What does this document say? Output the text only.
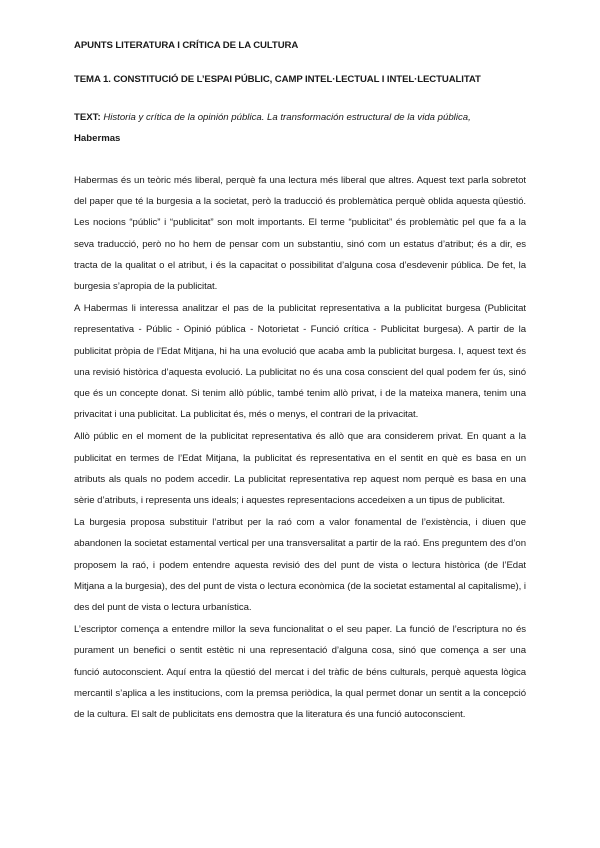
APUNTS LITERATURA I CRÍTICA DE LA CULTURA

TEMA 1. CONSTITUCIÓ DE L’ESPAI PÚBLIC, CAMP INTEL·LECTUAL I INTEL·LECTUALITAT

TEXT: Historia y crítica de la opinión pública. La transformación estructural de la vida pública,
Habermas

Habermas és un teòric més liberal, perquè fa una lectura més liberal que altres. Aquest text parla sobretot del paper que té la burgesia a la societat, però la traducció és problemàtica perquè oblida aquesta qüestió. Les nocions “públic” i “publicitat” son molt importants. El terme “publicitat” és problemàtic pel que fa a la seva traducció, però no ho hem de pensar com un substantiu, sinó com un estatus d’atribut; és a dir, es tracta de la qualitat o el atribut, i és la capacitat o possibilitat d’alguna cosa d’esdevenir pública. De fet, la burgesia s’apropia de la publicitat.

A Habermas li interessa analitzar el pas de la publicitat representativa a la publicitat burgesa (Publicitat representativa - Públic - Opinió pública - Notorietat - Funció crítica - Publicitat burgesa). A partir de la publicitat pròpia de l’Edat Mitjana, hi ha una evolució que acaba amb la publicitat burgesa. I, aquest text és una revisió històrica d’aquesta evolució. La publicitat no és una cosa conscient del qual podem fer ús, sinó que és un concepte donat. Si tenim allò públic, també tenim allò privat, i de la mateixa manera, tenim una privacitat i una publicitat. La publicitat és, més o menys, el contrari de la privacitat.

Allò públic en el moment de la publicitat representativa és allò que ara considerem privat. En quant a la publicitat en termes de l’Edat Mitjana, la publicitat és representativa en el sentit en què es basa en un atributs als quals no podem accedir. La publicitat representativa rep aquest nom perquè es basa en una sèrie d’atributs, i representa uns ideals; i aquestes representacions accedeixen a un tipus de publicitat.

La burgesia proposa substituir l’atribut per la raó com a valor fonamental de l’existència, i diuen que abandonen la societat estamental vertical per una transversalitat a partir de la raó. Ens preguntem des d’on proposem la raó, i podem entendre aquesta revisió des del punt de vista o lectura històrica (de l’Edat Mitjana a la burgesia), des del punt de vista o lectura econòmica (de la societat estamental al capitalisme), i des del punt de vista o lectura urbanística.

L’escriptor comença a entendre millor la seva funcionalitat o el seu paper. La funció de l’escriptura no és purament un benefici o sentit estètic ni una representació d’alguna cosa, sinó que comença a ser una funció autoconscient. Aquí entra la qüestió del mercat i del tràfic de béns culturals, perquè aquesta lògica mercantil s’aplica a les institucions, com la premsa periòdica, la qual permet donar un sentit a la concepció de la cultura. El salt de publicitats ens demostra que la literatura és una funció autoconscient.
